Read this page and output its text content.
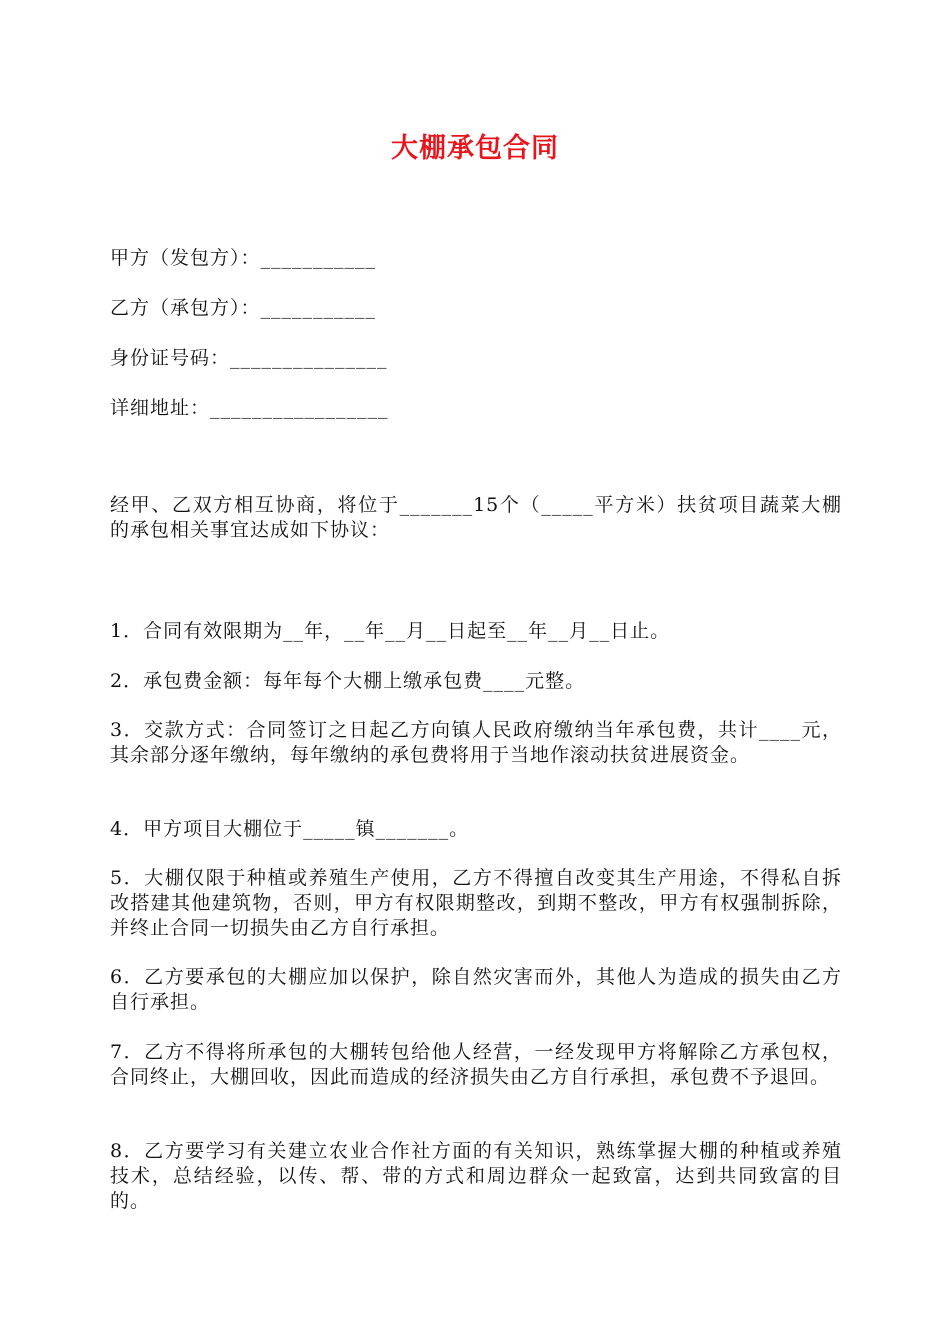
大棚承包合同
甲方（发包方）：___________
乙方（承包方）：___________
身份证号码：_______________
详细地址：_________________

经甲、乙双方相互协商，将位于_______15个（_____平方米）扶贫项目蔬菜大棚的承包相关事宜达成如下协议：

1．合同有效限期为__年，__年__月__日起至__年__月__日止。

2．承包费金额：每年每个大棚上缴承包费____元整。

3．交款方式：合同签订之日起乙方向镇人民政府缴纳当年承包费，共计____元，其余部分逐年缴纳，每年缴纳的承包费将用于当地作滚动扶贫进展资金。

4．甲方项目大棚位于_____镇_______。

5．大棚仅限于种植或养殖生产使用，乙方不得擅自改变其生产用途，不得私自拆改搭建其他建筑物，否则，甲方有权限期整改，到期不整改，甲方有权强制拆除，并终止合同一切损失由乙方自行承担。

6．乙方要承包的大棚应加以保护，除自然灾害而外，其他人为造成的损失由乙方自行承担。

7．乙方不得将所承包的大棚转包给他人经营，一经发现甲方将解除乙方承包权，合同终止，大棚回收，因此而造成的经济损失由乙方自行承担，承包费不予退回。

8．乙方要学习有关建立农业合作社方面的有关知识，熟练掌握大棚的种植或养殖技术，总结经验，以传、帮、带的方式和周边群众一起致富，达到共同致富的目的。
